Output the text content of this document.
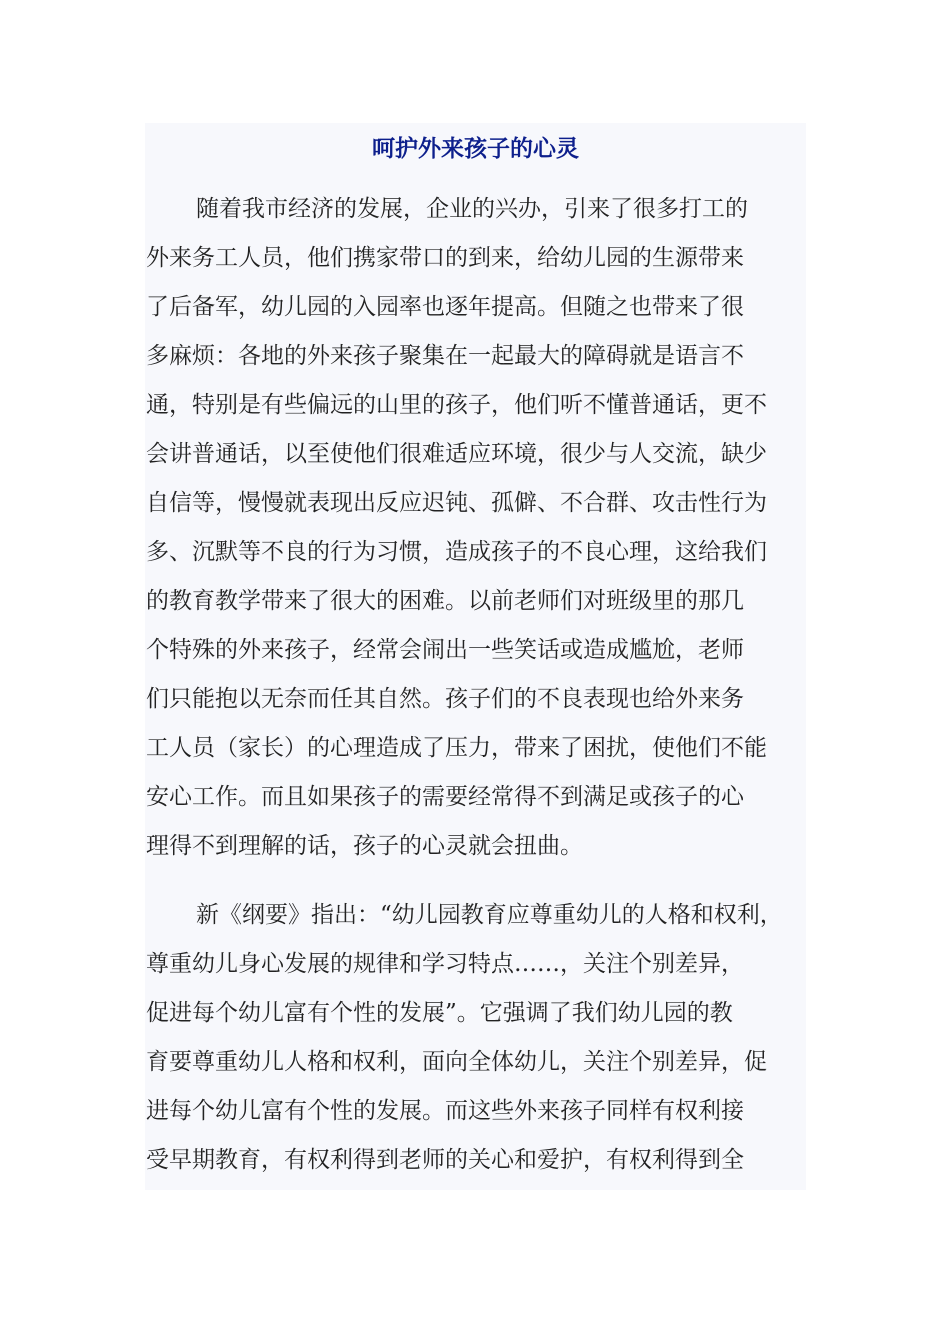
呵护外来孩子的心灵
随着我市经济的发展，企业的兴办，引来了很多打工的
外来务工人员，他们携家带口的到来，给幼儿园的生源带来
了后备军，幼儿园的入园率也逐年提高。但随之也带来了很
多麻烦：各地的外来孩子聚集在一起最大的障碍就是语言不
通，特别是有些偏远的山里的孩子，他们听不懂普通话，更不
会讲普通话，以至使他们很难适应环境，很少与人交流，缺少
自信等，慢慢就表现出反应迟钝、孤僻、不合群、攻击性行为
多、沉默等不良的行为习惯，造成孩子的不良心理，这给我们
的教育教学带来了很大的困难。以前老师们对班级里的那几
个特殊的外来孩子，经常会闹出一些笑话或造成尴尬，老师
们只能抱以无奈而任其自然。孩子们的不良表现也给外来务
工人员（家长）的心理造成了压力，带来了困扰，使他们不能
安心工作。而且如果孩子的需要经常得不到满足或孩子的心
理得不到理解的话，孩子的心灵就会扭曲。
新《纲要》指出：“幼儿园教育应尊重幼儿的人格和权利，
尊重幼儿身心发展的规律和学习特点……，关注个别差异，
促进每个幼儿富有个性的发展”。它强调了我们幼儿园的教
育要尊重幼儿人格和权利，面向全体幼儿，关注个别差异，促
进每个幼儿富有个性的发展。而这些外来孩子同样有权利接
受早期教育，有权利得到老师的关心和爱护，有权利得到全
